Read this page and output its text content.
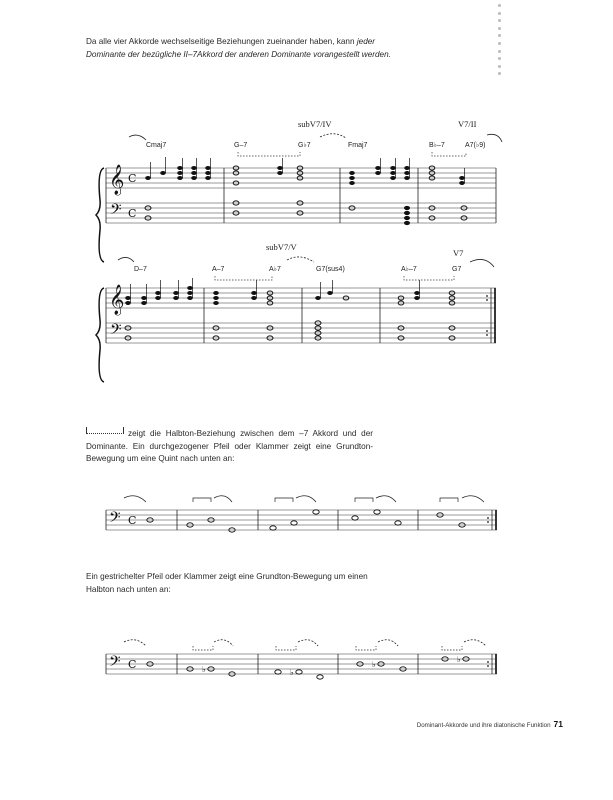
Da alle vier Akkorde wechselseitige Beziehungen zueinander haben, kann jeder
Dominante der bezügliche II–7Akkord der anderen Dominante vorangestellt werden.
𝄞
𝄢
C
C
Cmaj7	G–7	G♭7	Fmaj7	B♭–7	A7(♭9)
subV7/IV	V7/II
𝄞
𝄢
D–7	A–7	A♭7	G7(sus4)	A♭–7	G7
subV7/V
V7
zeigt die Halbton-Beziehung zwischen dem –7 Akkord und der Dominante. Ein durchgezogener Pfeil oder Klammer zeigt eine Grundton-Bewegung um eine Quint nach unten an:
𝄢 C
Ein gestrichelter Pfeil oder Klammer zeigt eine Grundton-Bewegung um einen Halbton nach unten an:
𝄢 C	♭	♭
♭
♭
Dominant-Akkorde und ihre diatonische Funktion 71
